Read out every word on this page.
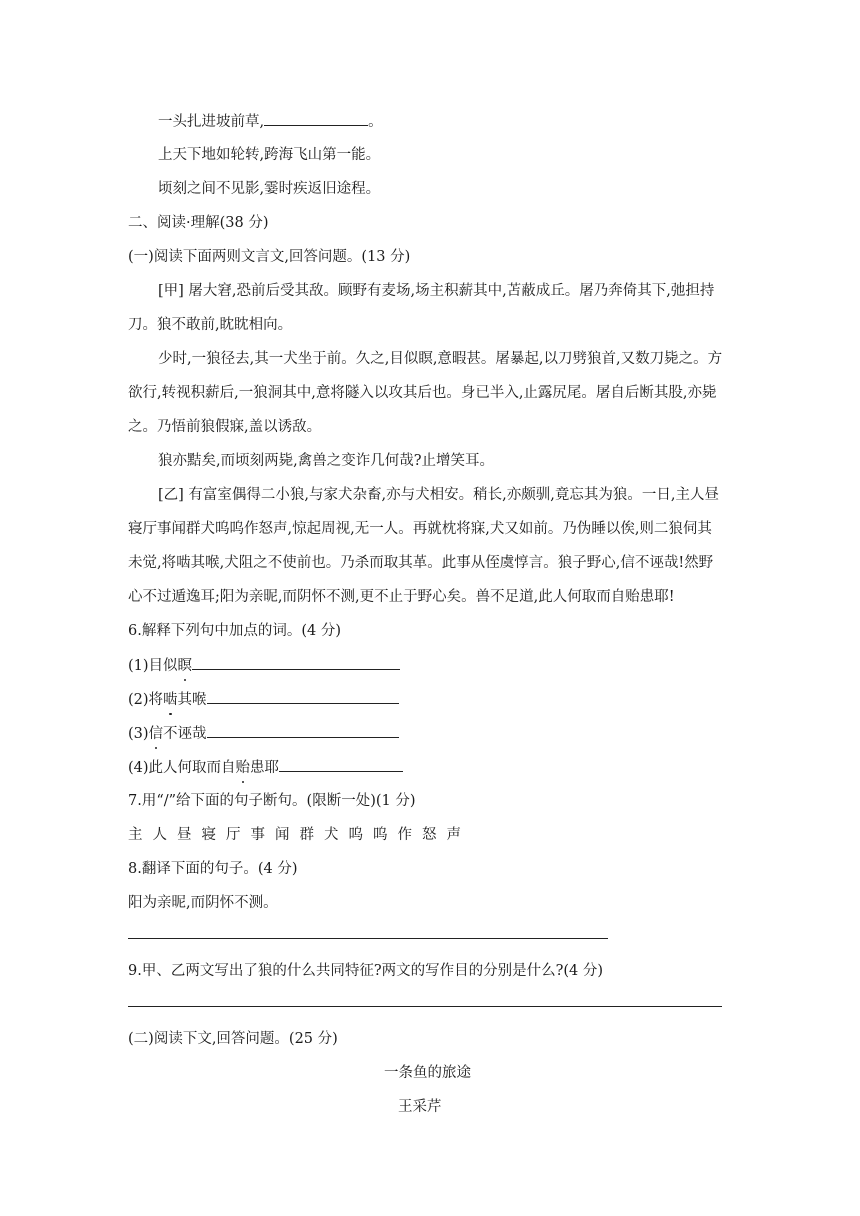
一头扎进坡前草,	。
上天下地如轮转,跨海飞山第一能。
顷刻之间不见影,霎时疾返旧途程。
二、阅读·理解(38 分)
(一)阅读下面两则文言文,回答问题。(13 分)
[甲] 屠大窘,恐前后受其敌。顾野有麦场,场主积薪其中,苫蔽成丘。屠乃奔倚其下,弛担持
刀。狼不敢前,眈眈相向。
少时,一狼径去,其一犬坐于前。久之,目似瞑,意暇甚。屠暴起,以刀劈狼首,又数刀毙之。方
欲行,转视积薪后,一狼洞其中,意将隧入以攻其后也。身已半入,止露尻尾。屠自后断其股,亦毙
之。乃悟前狼假寐,盖以诱敌。
狼亦黠矣,而顷刻两毙,禽兽之变诈几何哉?止增笑耳。
[乙] 有富室偶得二小狼,与家犬杂畜,亦与犬相安。稍长,亦颇驯,竟忘其为狼。一日,主人昼
寝厅事闻群犬呜呜作怒声,惊起周视,无一人。再就枕将寐,犬又如前。乃伪睡以俟,则二狼伺其
未觉,将啮其喉,犬阻之不使前也。乃杀而取其革。此事从侄虞惇言。狼子野心,信不诬哉!然野
心不过遁逸耳;阳为亲昵,而阴怀不测,更不止于野心矣。兽不足道,此人何取而自贻患耶!
6.解释下列句中加点的词。(4 分)
(1)目似瞑
(2)将啮其喉
(3)信不诬哉
(4)此人何取而自贻患耶
7.用“/”给下面的句子断句。(限断一处)(1 分)
主人昼寝厅事闻群犬呜呜作怒声
8.翻译下面的句子。(4 分)
阳为亲昵,而阴怀不测。
9.甲、乙两文写出了狼的什么共同特征?两文的写作目的分别是什么?(4 分)
(二)阅读下文,回答问题。(25 分)
一条鱼的旅途
王采芹
